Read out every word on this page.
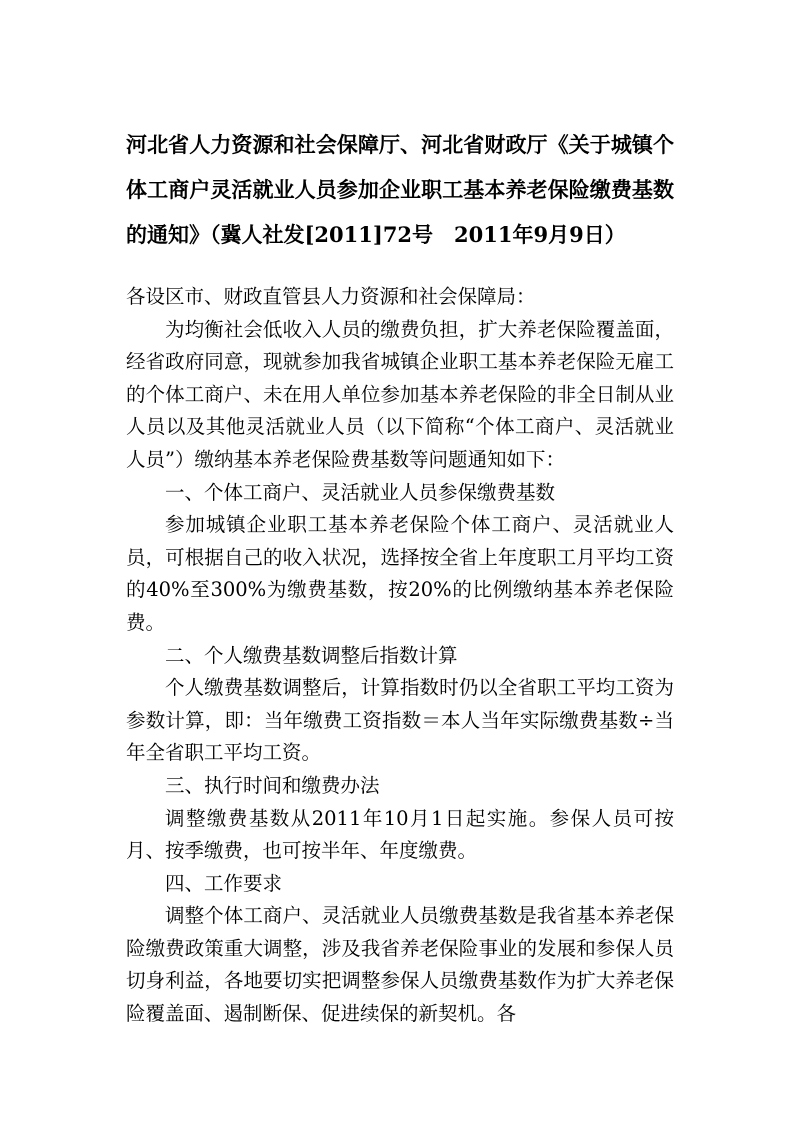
河北省人力资源和社会保障厅、河北省财政厅《关于城镇个体工商户灵活就业人员参加企业职工基本养老保险缴费基数的通知》（冀人社发[2011]72号　2011年9月9日）

各设区市、财政直管县人力资源和社会保障局：

为均衡社会低收入人员的缴费负担，扩大养老保险覆盖面，经省政府同意，现就参加我省城镇企业职工基本养老保险无雇工的个体工商户、未在用人单位参加基本养老保险的非全日制从业人员以及其他灵活就业人员（以下简称“个体工商户、灵活就业人员”）缴纳基本养老保险费基数等问题通知如下：

一、个体工商户、灵活就业人员参保缴费基数

参加城镇企业职工基本养老保险个体工商户、灵活就业人员，可根据自己的收入状况，选择按全省上年度职工月平均工资的40%至300%为缴费基数，按20%的比例缴纳基本养老保险费。

二、个人缴费基数调整后指数计算

个人缴费基数调整后，计算指数时仍以全省职工平均工资为参数计算，即：当年缴费工资指数＝本人当年实际缴费基数÷当年全省职工平均工资。

三、执行时间和缴费办法

调整缴费基数从2011年10月1日起实施。参保人员可按月、按季缴费，也可按半年、年度缴费。

四、工作要求

调整个体工商户、灵活就业人员缴费基数是我省基本养老保险缴费政策重大调整，涉及我省养老保险事业的发展和参保人员切身利益，各地要切实把调整参保人员缴费基数作为扩大养老保险覆盖面、遏制断保、促进续保的新契机。各
